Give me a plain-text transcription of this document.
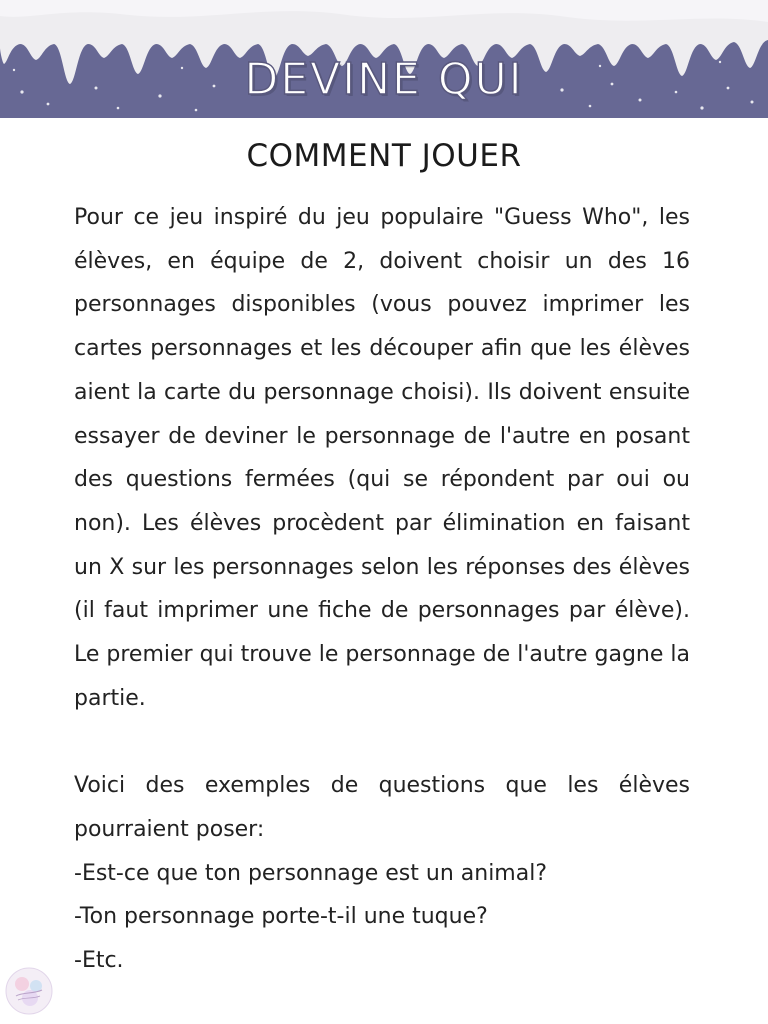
DEVINE QUI
COMMENT JOUER

Pour ce jeu inspiré du jeu populaire "Guess Who", les élèves, en équipe de 2, doivent choisir un des 16 personnages disponibles (vous pouvez imprimer les cartes personnages et les découper afin que les élèves aient la carte du personnage choisi). Ils doivent ensuite essayer de deviner le personnage de l'autre en posant des questions fermées (qui se répondent par oui ou non). Les élèves procèdent par élimination en faisant un X sur les personnages selon les réponses des élèves (il faut imprimer une fiche de personnages par élève). Le premier qui trouve le personnage de l'autre gagne la partie.

Voici des exemples de questions que les élèves pourraient poser:

-Est-ce que ton personnage est un animal?

-Ton personnage porte-t-il une tuque?

-Etc.
